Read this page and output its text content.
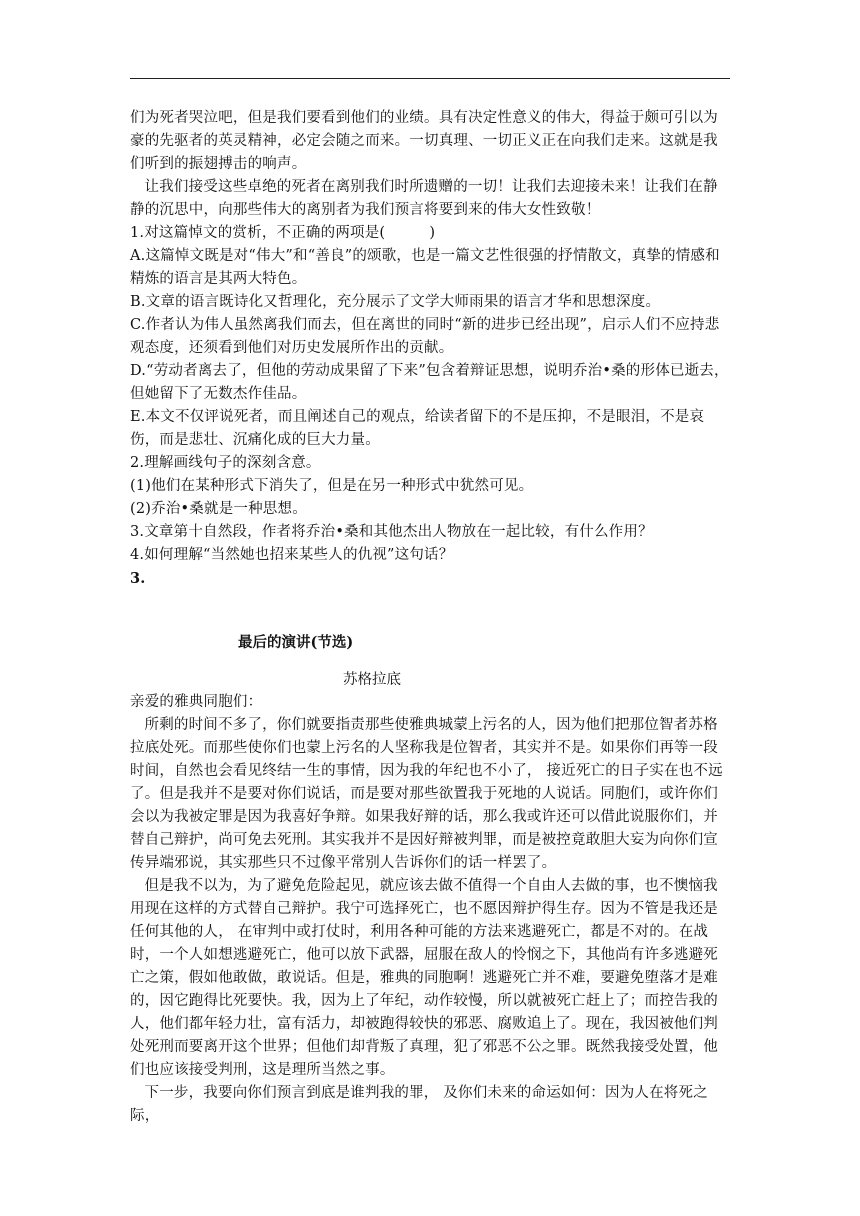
们为死者哭泣吧，但是我们要看到他们的业绩。具有决定性意义的伟大，得益于颇可引以为豪的先驱者的英灵精神，必定会随之而来。一切真理、一切正义正在向我们走来。这就是我们听到的振翅搏击的响声。

让我们接受这些卓绝的死者在离别我们时所遗赠的一切！让我们去迎接未来！让我们在静静的沉思中，向那些伟大的离别者为我们预言将要到来的伟大女性致敬！

1.对这篇悼文的赏析，不正确的两项是(　　　)

A.这篇悼文既是对“伟大”和“善良”的颂歌，也是一篇文艺性很强的抒情散文，真挚的情感和精炼的语言是其两大特色。

B.文章的语言既诗化又哲理化，充分展示了文学大师雨果的语言才华和思想深度。

C.作者认为伟人虽然离我们而去，但在离世的同时“新的进步已经出现”，启示人们不应持悲观态度，还须看到他们对历史发展所作出的贡献。

D.“劳动者离去了，但他的劳动成果留了下来”包含着辩证思想，说明乔治•桑的形体已逝去，但她留下了无数杰作佳品。

E.本文不仅评说死者，而且阐述自己的观点，给读者留下的不是压抑，不是眼泪，不是哀伤，而是悲壮、沉痛化成的巨大力量。

2.理解画线句子的深刻含意。

(1)他们在某种形式下消失了，但是在另一种形式中犹然可见。

(2)乔治•桑就是一种思想。

3.文章第十自然段，作者将乔治•桑和其他杰出人物放在一起比较，有什么作用？

4.如何理解“当然她也招来某些人的仇视”这句话？

3.

最后的演讲(节选)
苏格拉底

亲爱的雅典同胞们：

所剩的时间不多了，你们就要指责那些使雅典城蒙上污名的人，因为他们把那位智者苏格拉底处死。而那些使你们也蒙上污名的人坚称我是位智者，其实并不是。如果你们再等一段时间，自然也会看见终结一生的事情，因为我的年纪也不小了， 接近死亡的日子实在也不远了。但是我并不是要对你们说话，而是要对那些欲置我于死地的人说话。同胞们，或许你们会以为我被定罪是因为我喜好争辩。如果我好辩的话，那么我或许还可以借此说服你们，并替自己辩护，尚可免去死刑。其实我并不是因好辩被判罪，而是被控竟敢胆大妄为向你们宣传异端邪说，其实那些只不过像平常别人告诉你们的话一样罢了。

但是我不以为，为了避免危险起见，就应该去做不值得一个自由人去做的事，也不懊恼我用现在这样的方式替自己辩护。我宁可选择死亡，也不愿因辩护得生存。因为不管是我还是任何其他的人， 在审判中或打仗时，利用各种可能的方法来逃避死亡，都是不对的。在战时，一个人如想逃避死亡，他可以放下武器，屈服在敌人的怜悯之下，其他尚有许多逃避死亡之策，假如他敢做，敢说话。但是，雅典的同胞啊！逃避死亡并不难，要避免堕落才是难的，因它跑得比死要快。我，因为上了年纪，动作较慢，所以就被死亡赶上了；而控告我的人，他们都年轻力壮，富有活力，却被跑得较快的邪恶、腐败追上了。现在，我因被他们判处死刑而要离开这个世界；但他们却背叛了真理，犯了邪恶不公之罪。既然我接受处置，他们也应该接受判刑，这是理所当然之事。

下一步，我要向你们预言到底是谁判我的罪， 及你们未来的命运如何：因为人在将死之际，
